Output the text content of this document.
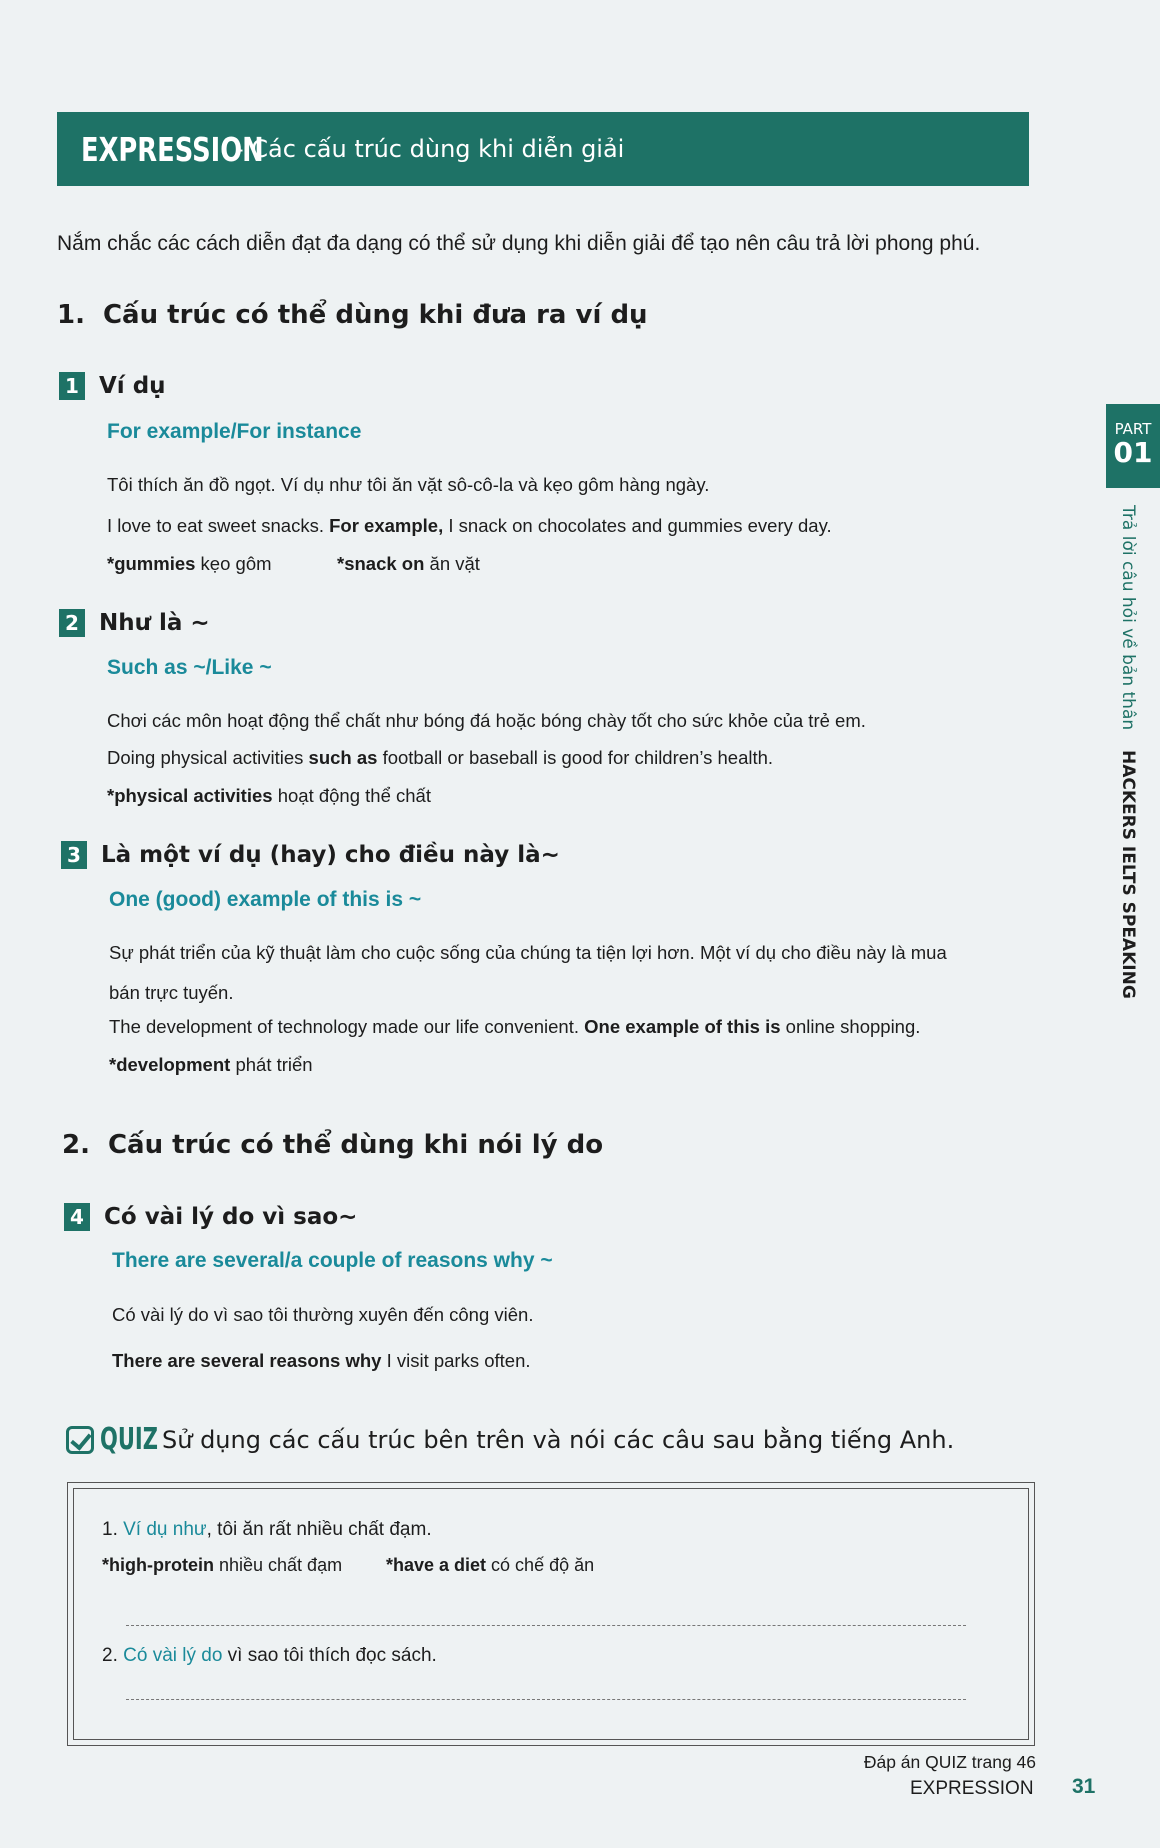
EXPRESSION
- Các cấu trúc dùng khi diễn giải
Nắm chắc các cách diễn đạt đa dạng có thể sử dụng khi diễn giải để tạo nên câu trả lời phong phú.
1. Cấu trúc có thể dùng khi đưa ra ví dụ
1 Ví dụ
For example/For instance
Tôi thích ăn đồ ngọt. Ví dụ như tôi ăn vặt sô-cô-la và kẹo gôm hàng ngày.
I love to eat sweet snacks. For example, I snack on chocolates and gummies every day.
*gummies kẹo gôm	*snack on ăn vặt
2 Như là ~
Such as ~/Like ~
Chơi các môn hoạt động thể chất như bóng đá hoặc bóng chày tốt cho sức khỏe của trẻ em.
Doing physical activities such as football or baseball is good for children’s health.
*physical activities hoạt động thể chất
3 Là một ví dụ (hay) cho điều này là~
One (good) example of this is ~
Sự phát triển của kỹ thuật làm cho cuộc sống của chúng ta tiện lợi hơn. Một ví dụ cho điều này là mua
bán trực tuyến.
The development of technology made our life convenient. One example of this is online shopping.
*development phát triển
2. Cấu trúc có thể dùng khi nói lý do
4 Có vài lý do vì sao~
There are several/a couple of reasons why ~
Có vài lý do vì sao tôi thường xuyên đến công viên.
There are several reasons why I visit parks often.
QUIZ Sử dụng các cấu trúc bên trên và nói các câu sau bằng tiếng Anh.
1. Ví dụ như, tôi ăn rất nhiều chất đạm.
*high-protein nhiều chất đạm *have a diet có chế độ ăn
2. Có vài lý do vì sao tôi thích đọc sách.
Đáp án QUIZ trang 46
PART
01
Trả lời câu hỏi về bản thân HACKERS IELTS SPEAKING
EXPRESSION 31
